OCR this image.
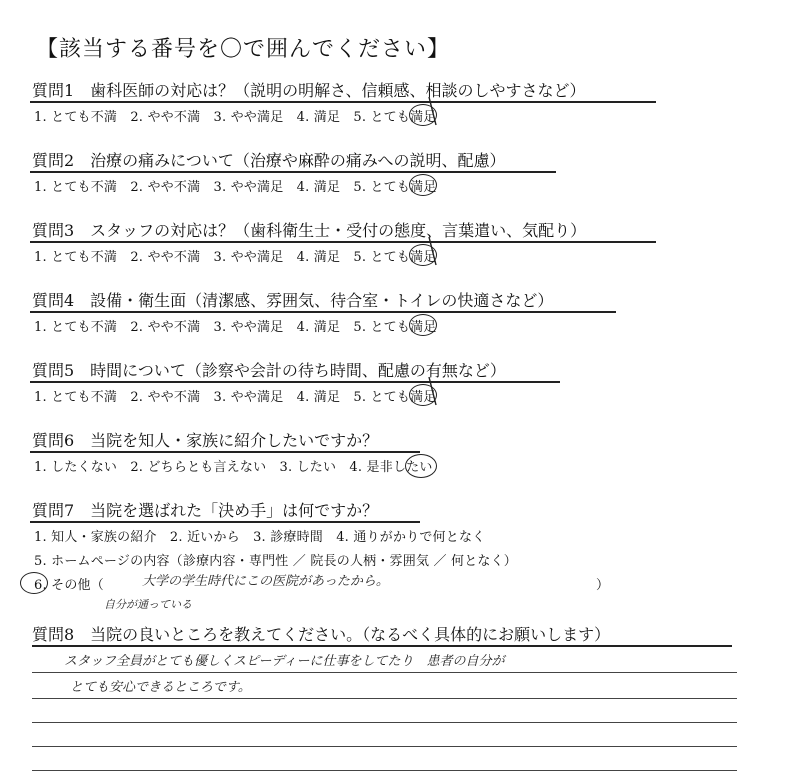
【該当する番号を〇で囲んでください】
質問1　歯科医師の対応は？（説明の明解さ、信頼感、相談のしやすさなど）
1. とても不満　2. やや不満　3. やや満足　4. 満足　5. とても満足
質問2　治療の痛みについて（治療や麻酔の痛みへの説明、配慮）
1. とても不満　2. やや不満　3. やや満足　4. 満足　5. とても満足
質問3　スタッフの対応は？（歯科衛生士・受付の態度、言葉遣い、気配り）
1. とても不満　2. やや不満　3. やや満足　4. 満足　5. とても満足
質問4　設備・衛生面（清潔感、雰囲気、待合室・トイレの快適さなど）
1. とても不満　2. やや不満　3. やや満足　4. 満足　5. とても満足
質問5　時間について（診察や会計の待ち時間、配慮の有無など）
1. とても不満　2. やや不満　3. やや満足　4. 満足　5. とても満足
質問6　当院を知人・家族に紹介したいですか？
1. したくない　2. どちらとも言えない　3. したい　4. 是非したい
質問7　当院を選ばれた「決め手」は何ですか？
1. 知人・家族の紹介　2. 近いから　3. 診療時間　4. 通りがかりで何となく
5. ホームページの内容（診療内容・専門性 ／ 院長の人柄・雰囲気 ／ 何となく）
6. その他（	）
大学の学生時代にこの医院があったから。
自分が通っている
質問8　当院の良いところを教えてください。（なるべく具体的にお願いします）
スタッフ全員がとても優しくスピーディーに仕事をしてたり　患者の自分が
とても安心できるところです。
